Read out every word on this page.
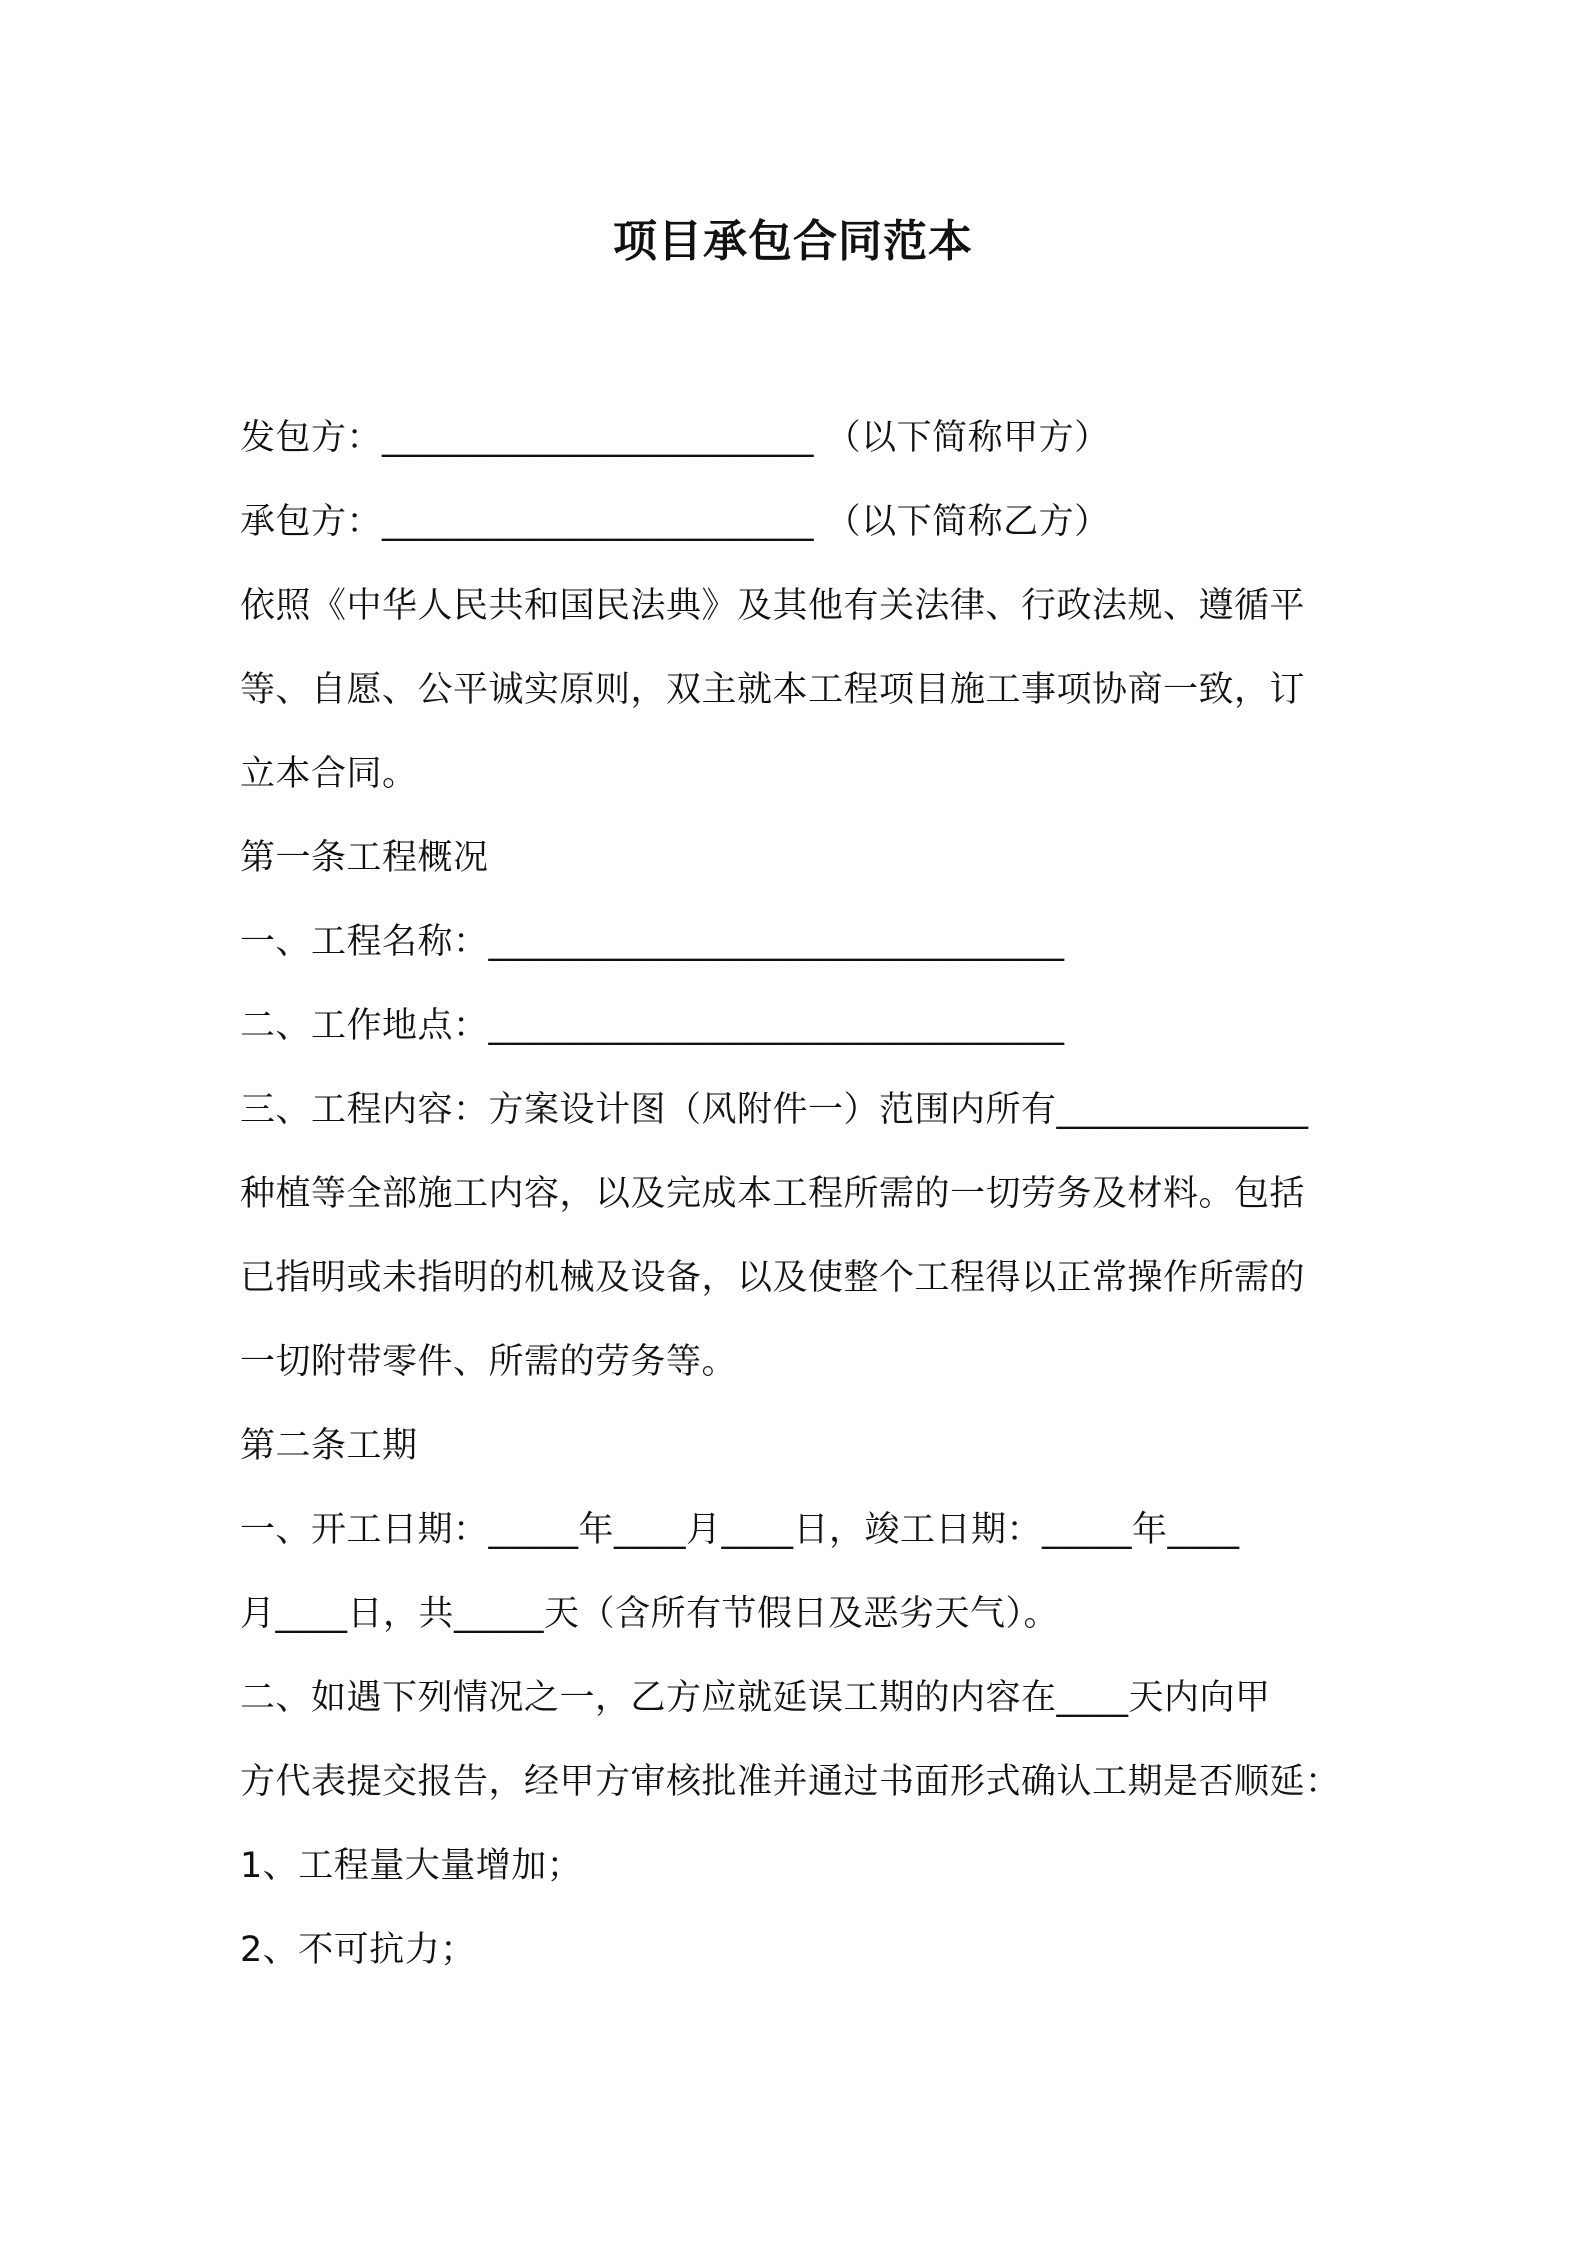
项目承包合同范本
发包方：________________________ （以下简称甲方）
承包方：________________________ （以下简称乙方）
依照《中华人民共和国民法典》及其他有关法律、行政法规、遵循平
等、自愿、公平诚实原则，双主就本工程项目施工事项协商一致，订
立本合同。
第一条工程概况
一、工程名称：________________________________
二、工作地点：________________________________
三、工程内容：方案设计图（风附件一）范围内所有______________
种植等全部施工内容，以及完成本工程所需的一切劳务及材料。包括
已指明或未指明的机械及设备，以及使整个工程得以正常操作所需的
一切附带零件、所需的劳务等。
第二条工期
一、开工日期：_____年____月____日，竣工日期：_____年____
月____日，共_____天（含所有节假日及恶劣天气）。
二、如遇下列情况之一，乙方应就延误工期的内容在____天内向甲
方代表提交报告，经甲方审核批准并通过书面形式确认工期是否顺延：
1、工程量大量增加；
2、不可抗力；
